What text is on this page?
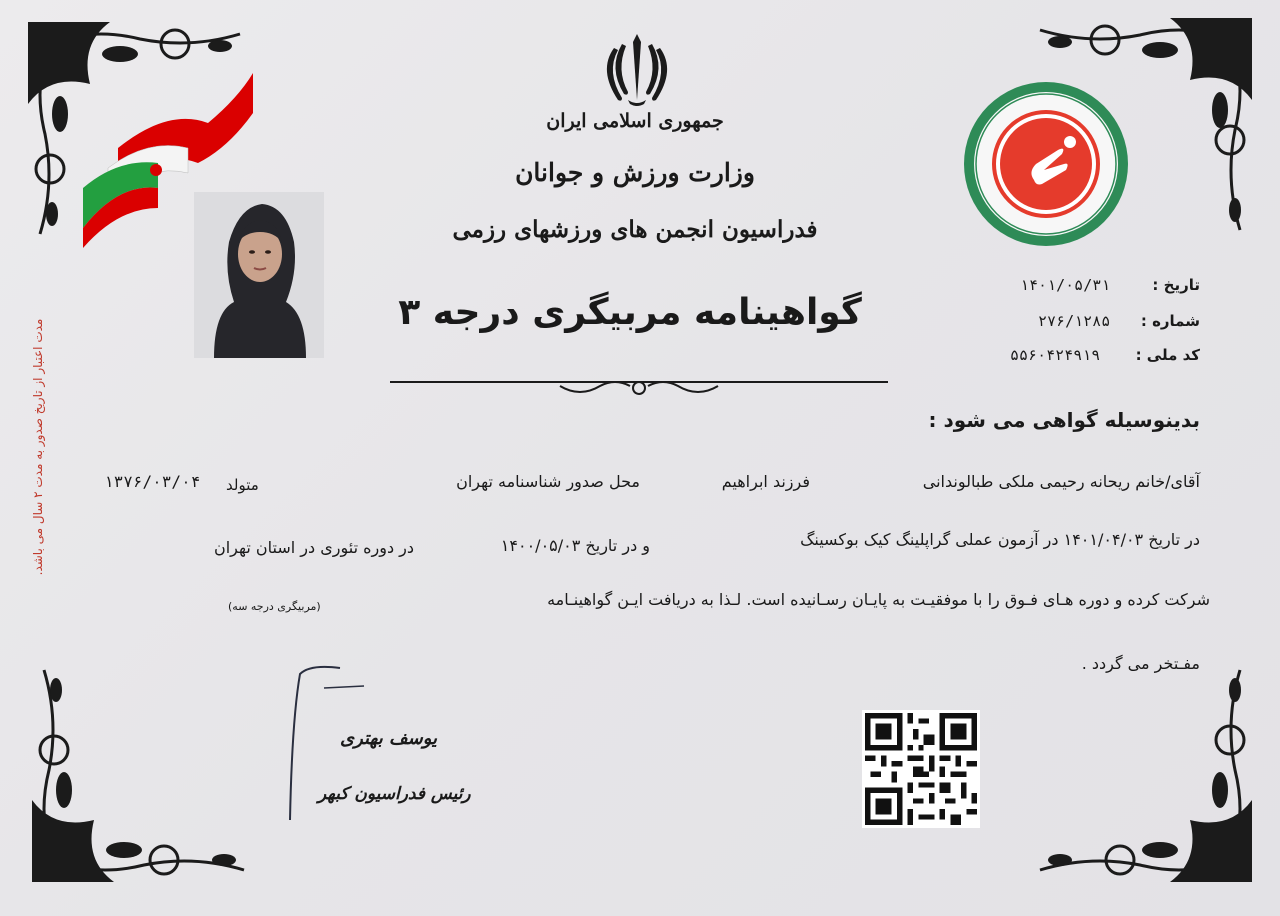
جمهوری اسلامی ایران
وزارت ورزش و جوانان
فدراسیون انجمن های ورزشهای رزمی
تاریخ :
۱۴۰۱/۰۵/۳۱
شماره :
۲۷۶/۱۲۸۵
کد ملی :
۵۵۶۰۴۲۴۹۱۹
گواهینامه مربیگری درجه ۳
بدینوسیله گواهی می شود :
آقای/خانم ریحانه رحیمی ملکی طبالوندانی
فرزند ابراهیم
محل صدور شناسنامه تهران
متولد
۱۳۷۶/۰۳/۰۴
در تاریخ ۱۴۰۱/۰۴/۰۳ در آزمون عملی گراپلینگ کیک بوکسینگ
و در تاریخ ۱۴۰۰/۰۵/۰۳
در دوره تئوری در استان تهران
شرکت کرده و دوره هـای فـوق را با موفقیـت به پایـان رسـانیده است. لـذا به دریافت ایـن گواهینـامه
(مربیگری درجه سه)
مفـتخر می گردد .
یوسف بهتری
رئیس فدراسیون کبهر
مدت اعتبار از تاریخ صدور به مدت ۲ سال می باشد.
